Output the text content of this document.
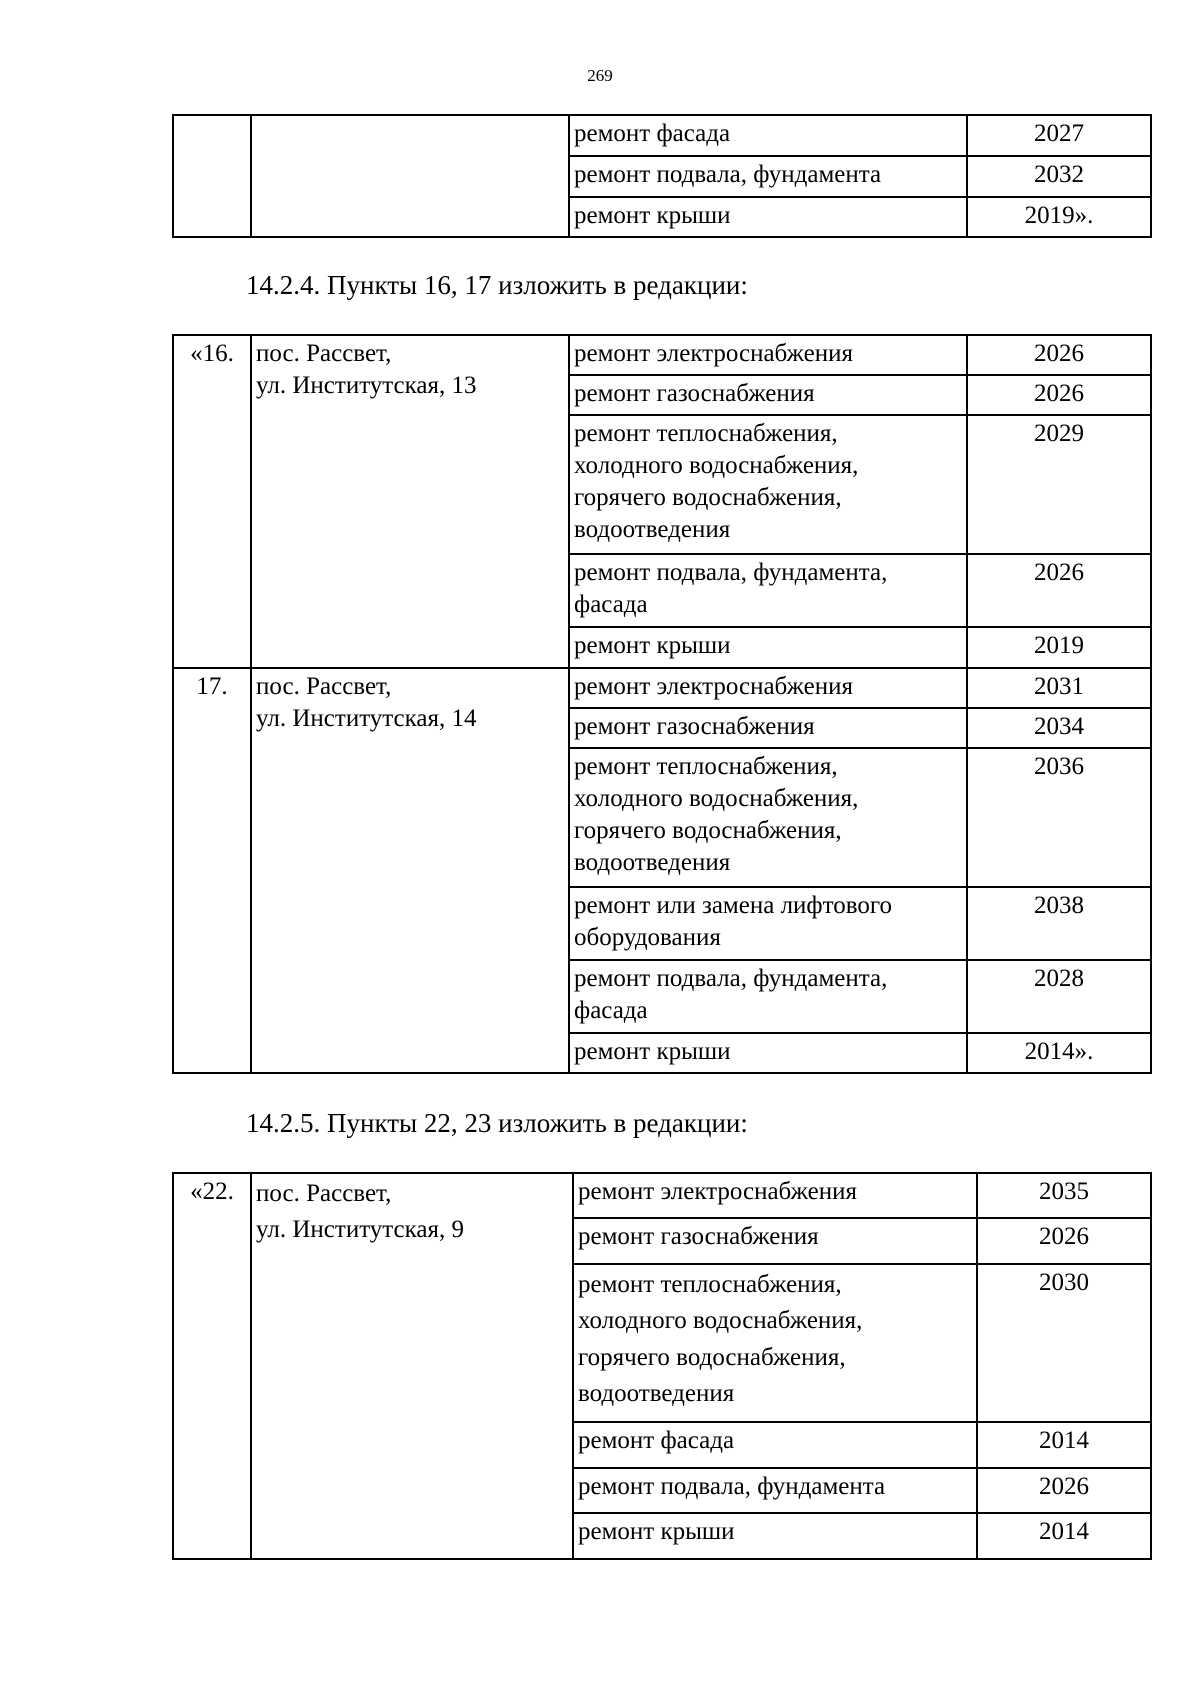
269
		ремонт фасада	2027
		ремонт подвала, фундамента	2032
		ремонт крыши	2019».
14.2.4. Пункты 16, 17 изложить в редакции:
«16.	пос. Рассвет,
ул. Институтская, 13	ремонт электроснабжения	2026

		ремонт газоснабжения	2026

		ремонт теплоснабжения,
холодного водоснабжения,
горячего водоснабжения,
водоотведения	2029

		ремонт подвала, фундамента,
фасада	2026

		ремонт крыши	2019
17.	пос. Рассвет,
ул. Институтская, 14	ремонт электроснабжения	2031

		ремонт газоснабжения	2034

		ремонт теплоснабжения,
холодного водоснабжения,
горячего водоснабжения,
водоотведения	2036

		ремонт или замена лифтового
оборудования	2038

		ремонт подвала, фундамента,
фасада	2028

		ремонт крыши	2014».
14.2.5. Пункты 22, 23 изложить в редакции:
«22.	пос. Рассвет,
ул. Институтская, 9	ремонт электроснабжения	2035

		ремонт газоснабжения	2026

		ремонт теплоснабжения,
холодного водоснабжения,
горячего водоснабжения,
водоотведения	2030

		ремонт фасада	2014

		ремонт подвала, фундамента	2026

		ремонт крыши	2014
